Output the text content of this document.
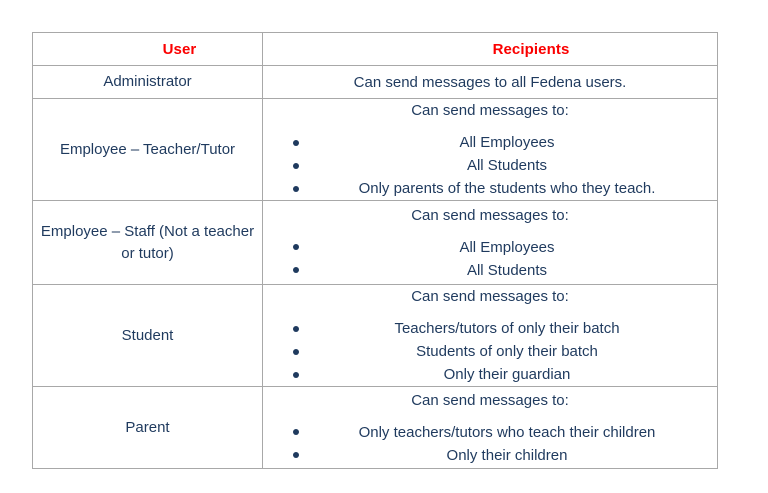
User	Recipients
Administrator	Can send messages to all Fedena users.

Employee – Teacher/Tutor	Can send messages to:
All Employees
All Students
Only parents of the students who they teach.

Employee – Staff (Not a teacher or tutor)	Can send messages to:
All Employees
All Students

Student	Can send messages to:
Teachers/tutors of only their batch
Students of only their batch
Only their guardian

Parent	Can send messages to:
Only teachers/tutors who teach their children
Only their children
